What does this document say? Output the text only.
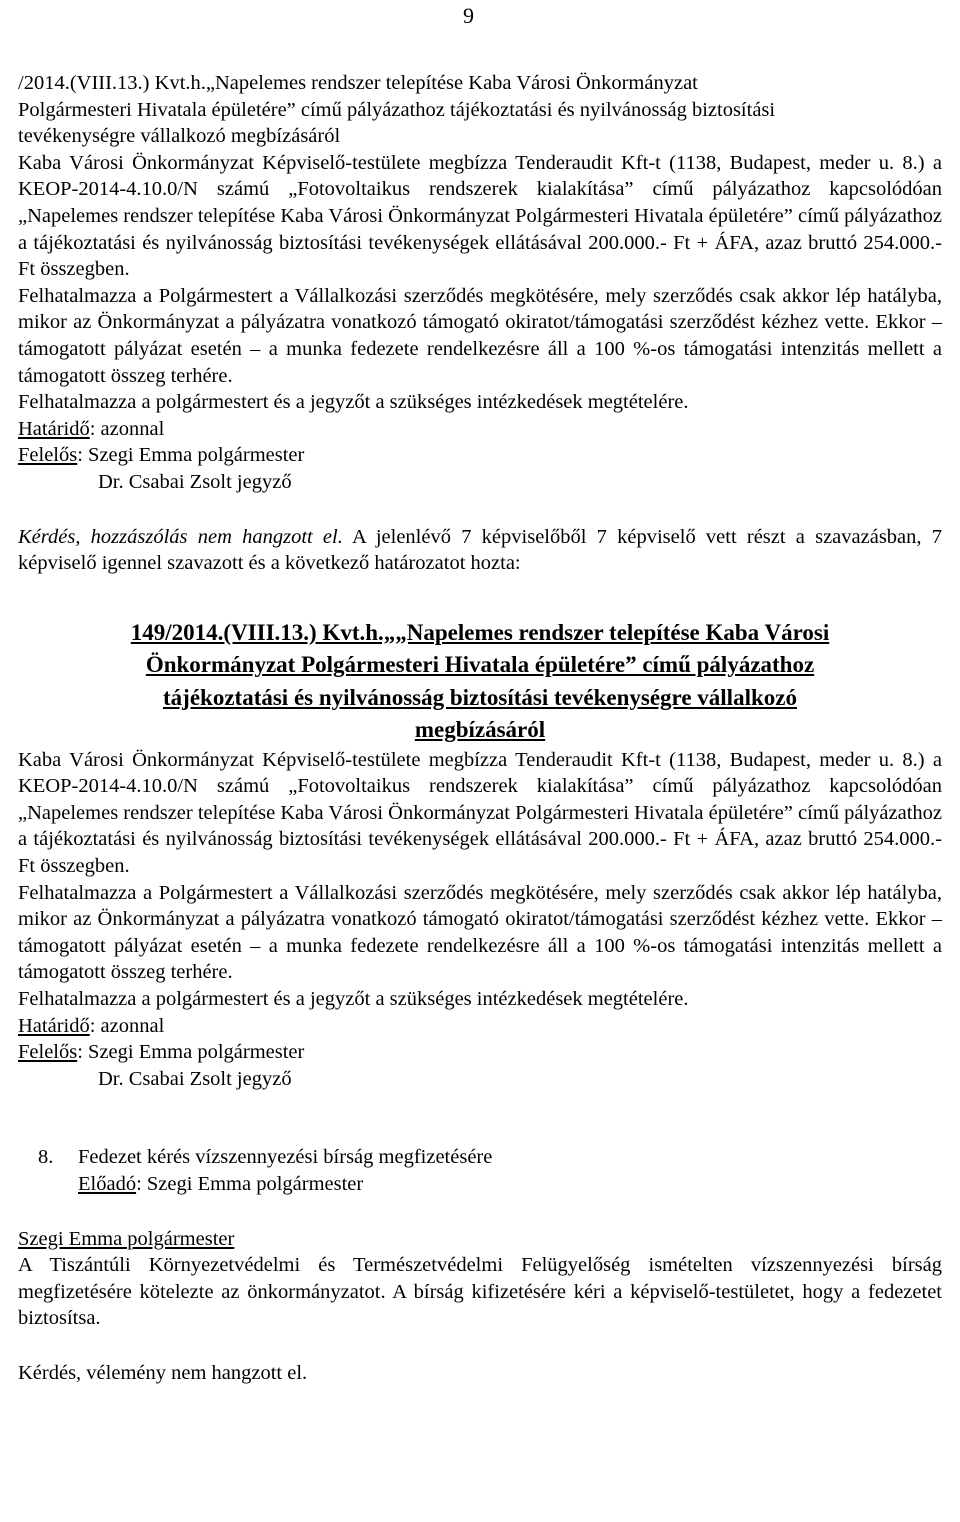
9
/2014.(VIII.13.) Kvt.h.„Napelemes rendszer telepítése Kaba Városi Önkormányzat
Polgármesteri Hivatala épületére” című pályázathoz tájékoztatási és nyilvánosság biztosítási
tevékenységre vállalkozó megbízásáról

Kaba Városi Önkormányzat Képviselő-testülete megbízza Tenderaudit Kft-t (1138, Budapest, meder u. 8.) a KEOP-2014-4.10.0/N számú „Fotovoltaikus rendszerek kialakítása” című pályázathoz kapcsolódóan „Napelemes rendszer telepítése Kaba Városi Önkormányzat Polgármesteri Hivatala épületére” című pályázathoz a tájékoztatási és nyilvánosság biztosítási tevékenységek ellátásával 200.000.- Ft + ÁFA, azaz bruttó 254.000.- Ft összegben.

Felhatalmazza a Polgármestert a Vállalkozási szerződés megkötésére, mely szerződés csak akkor lép hatályba, mikor az Önkormányzat a pályázatra vonatkozó támogató okiratot/támogatási szerződést kézhez vette. Ekkor – támogatott pályázat esetén – a munka fedezete rendelkezésre áll a 100 %-os támogatási intenzitás mellett a támogatott összeg terhére.

Felhatalmazza a polgármestert és a jegyzőt a szükséges intézkedések megtételére.

Határidő: azonnal
Felelős: Szegi Emma polgármester
Dr. Csabai Zsolt jegyző

Kérdés, hozzászólás nem hangzott el. A jelenlévő 7 képviselőből 7 képviselő vett részt a szavazásban, 7 képviselő igennel szavazott és a következő határozatot hozta:

149/2014.(VIII.13.) Kvt.h.„„Napelemes rendszer telepítése Kaba Városi
Önkormányzat Polgármesteri Hivatala épületére” című pályázathoz
tájékoztatási és nyilvánosság biztosítási tevékenységre vállalkozó
megbízásáról

Kaba Városi Önkormányzat Képviselő-testülete megbízza Tenderaudit Kft-t (1138, Budapest, meder u. 8.) a KEOP-2014-4.10.0/N számú „Fotovoltaikus rendszerek kialakítása” című pályázathoz kapcsolódóan „Napelemes rendszer telepítése Kaba Városi Önkormányzat Polgármesteri Hivatala épületére” című pályázathoz a tájékoztatási és nyilvánosság biztosítási tevékenységek ellátásával 200.000.- Ft + ÁFA, azaz bruttó 254.000.- Ft összegben.

Felhatalmazza a Polgármestert a Vállalkozási szerződés megkötésére, mely szerződés csak akkor lép hatályba, mikor az Önkormányzat a pályázatra vonatkozó támogató okiratot/támogatási szerződést kézhez vette. Ekkor – támogatott pályázat esetén – a munka fedezete rendelkezésre áll a 100 %-os támogatási intenzitás mellett a támogatott összeg terhére.

Felhatalmazza a polgármestert és a jegyzőt a szükséges intézkedések megtételére.

Határidő: azonnal
Felelős: Szegi Emma polgármester
Dr. Csabai Zsolt jegyző
8. Fedezet kérés vízszennyezési bírság megfizetésére
Előadó: Szegi Emma polgármester
Szegi Emma polgármester

A Tiszántúli Környezetvédelmi és Természetvédelmi Felügyelőség ismételten vízszennyezési bírság megfizetésére kötelezte az önkormányzatot. A bírság kifizetésére kéri a képviselő-testületet, hogy a fedezetet biztosítsa.

Kérdés, vélemény nem hangzott el.
